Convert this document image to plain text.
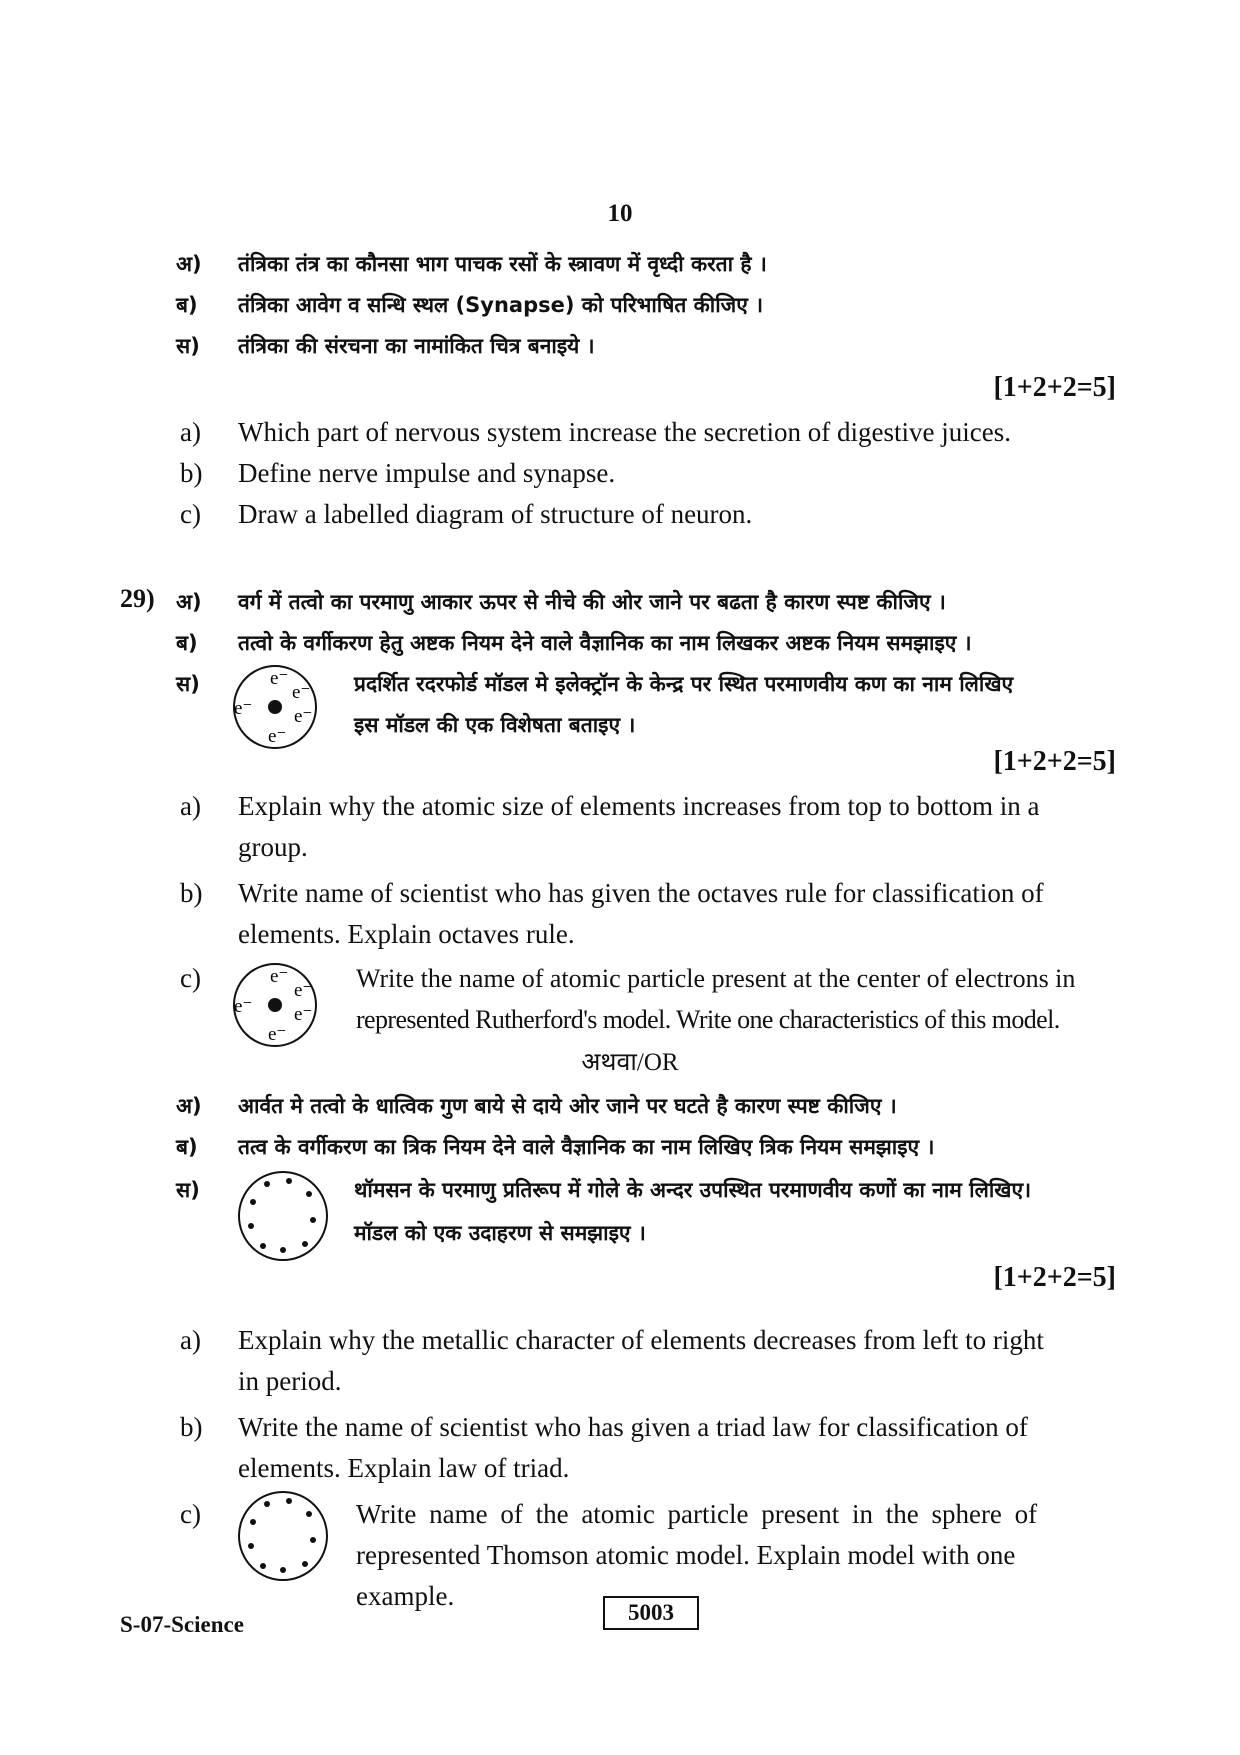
10
अ)	तंत्रिका तंत्र का कौनसा भाग पाचक रसों के स्त्रावण में वृध्दी करता है ।
ब)	तंत्रिका आवेग व सन्धि स्थल (Synapse) को परिभाषित कीजिए ।
स)	तंत्रिका की संरचना का नामांकित चित्र बनाइये ।
[1+2+2=5]
a)	Which part of nervous system increase the secretion of digestive juices.
b)	Define nerve impulse and synapse.
c)	Draw a labelled diagram of structure of neuron.
29) अ)	वर्ग में तत्वो का परमाणु आकार ऊपर से नीचे की ओर जाने पर बढता है कारण स्पष्ट कीजिए ।
ब)	तत्वो के वर्गीकरण हेतु अष्टक नियम देने वाले वैज्ञानिक का नाम लिखकर अष्टक नियम समझाइए ।
स)	प्रदर्शित रदरफोर्ड मॉडल मे इलेक्ट्रॉन के केन्द्र पर स्थित परमाणवीय कण का नाम लिखिए
इस मॉडल की एक विशेषता बताइए ।
e⁻
e⁻
e⁻ e⁻
e⁻
[1+2+2=5]
a)	Explain why the atomic size of elements increases from top to bottom in a
group.
b)	Write name of scientist who has given the octaves rule for classification of
elements. Explain octaves rule.
c)	Write the name of atomic particle present at the center of electrons in
represented Rutherford's model. Write one characteristics of this model.
e⁻
e⁻
e⁻ e⁻
e⁻
अथवा/OR
अ)	आर्वत मे तत्वो के धात्विक गुण बाये से दाये ओर जाने पर घटते है कारण स्पष्ट कीजिए ।
ब)	तत्व के वर्गीकरण का त्रिक नियम देने वाले वैज्ञानिक का नाम लिखिए त्रिक नियम समझाइए ।
स)	थॉमसन के परमाणु प्रतिरूप में गोले के अन्दर उपस्थित परमाणवीय कणों का नाम लिखिए।
मॉडल को एक उदाहरण से समझाइए ।
[1+2+2=5]
a)	Explain why the metallic character of elements decreases from left to right
in period.
b)	Write the name of scientist who has given a triad law for classification of
elements. Explain law of triad.
c)	Write name of the atomic particle present in the sphere of
represented Thomson atomic model. Explain model with one
example.
S-07-Science	5003
